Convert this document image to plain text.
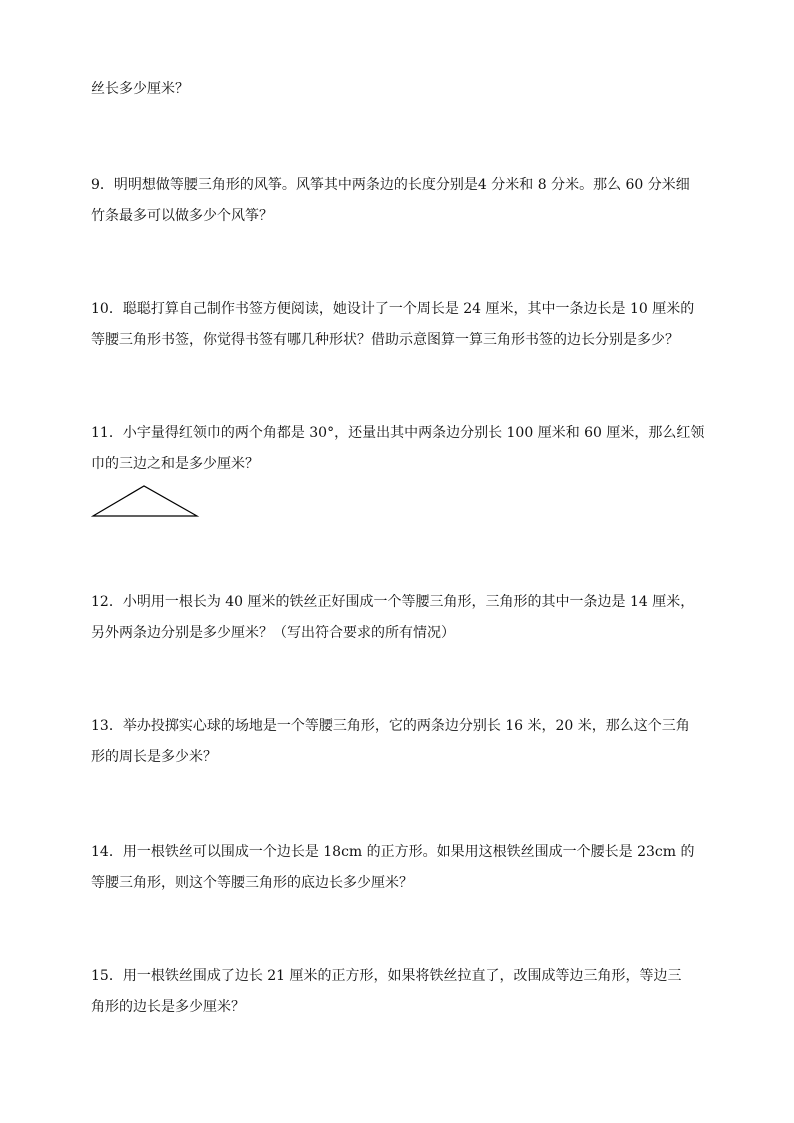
丝长多少厘米？
9．明明想做等腰三角形的风筝。风筝其中两条边的长度分别是4 分米和 8 分米。那么 60 分米细
竹条最多可以做多少个风筝？
10．聪聪打算自己制作书签方便阅读，她设计了一个周长是 24 厘米，其中一条边长是 10 厘米的
等腰三角形书签，你觉得书签有哪几种形状？借助示意图算一算三角形书签的边长分别是多少？
11．小宇量得红领巾的两个角都是 30°，还量出其中两条边分别长 100 厘米和 60 厘米，那么红领
巾的三边之和是多少厘米？
12．小明用一根长为 40 厘米的铁丝正好围成一个等腰三角形，三角形的其中一条边是 14 厘米，
另外两条边分别是多少厘米？（写出符合要求的所有情况）
13．举办投掷实心球的场地是一个等腰三角形，它的两条边分别长 16 米，20 米，那么这个三角
形的周长是多少米？
14．用一根铁丝可以围成一个边长是 18cm 的正方形。如果用这根铁丝围成一个腰长是 23cm 的
等腰三角形，则这个等腰三角形的底边长多少厘米？
15．用一根铁丝围成了边长 21 厘米的正方形，如果将铁丝拉直了，改围成等边三角形，等边三
角形的边长是多少厘米？
